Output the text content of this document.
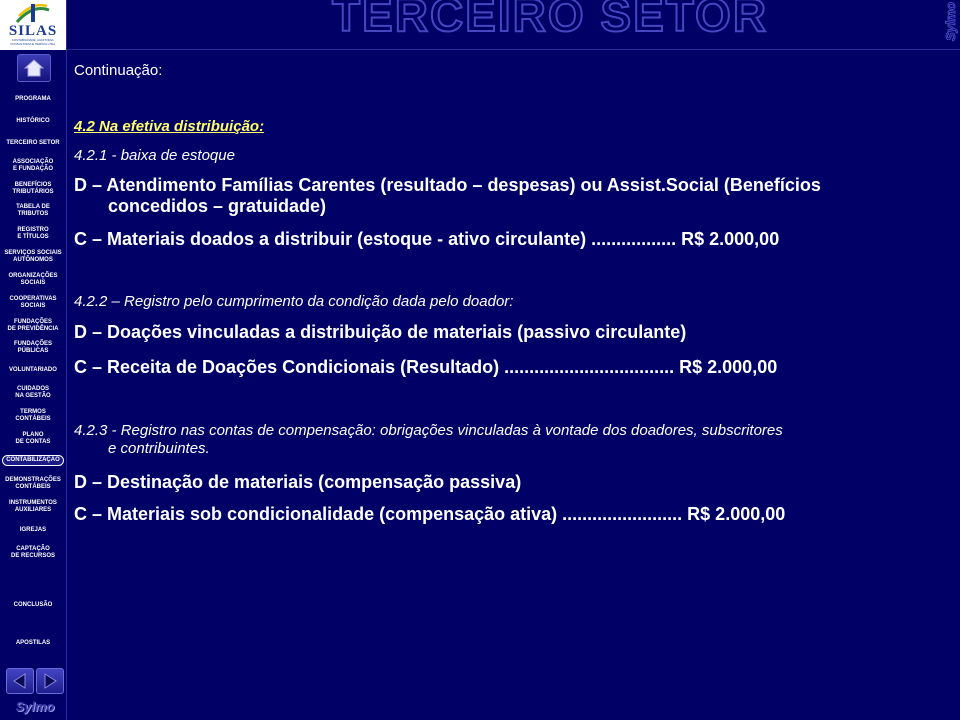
SILAS
CONTABILIDADE, AUDITORIA, CONSULTORIA E PERÍCIA LTDA.
PROGRAMA
HISTÓRICO
TERCEIRO SETOR
ASSOCIAÇÃO
E FUNDAÇÃO
BENEFÍCIOS
TRIBUTÁRIOS
TABELA DE
TRIBUTOS
REGISTRO
E TÍTULOS
SERVIÇOS SOCIAIS
AUTÔNOMOS
ORGANIZAÇÕES
SOCIAIS
COOPERATIVAS
SOCIAIS
FUNDAÇÕES
DE PREVIDÊNCIA
FUNDAÇÕES
PÚBLICAS
VOLUNTARIADO
CUIDADOS
NA GESTÃO
TERMOS
CONTÁBEIS
PLANO
DE CONTAS
CONTABILIZAÇÃO
DEMONSTRAÇÕES
CONTÁBEIS
INSTRUMENTOS
AUXILIARES
IGREJAS
CAPTAÇÃO
DE RECURSOS
CONCLUSÃO
APOSTILAS
Sylmo
TERCEIRO SETOR	Sylmo
Continuação:
4.2 Na efetiva distribuição:
4.2.1 - baixa de estoque
D – Atendimento Famílias Carentes (resultado – despesas) ou Assist.Social (Benefícios
concedidos – gratuidade)
C – Materiais doados a distribuir (estoque - ativo circulante) ................. R$ 2.000,00
4.2.2 – Registro pelo cumprimento da condição dada pelo doador:
D – Doações vinculadas a distribuição de materiais (passivo circulante)
C – Receita de Doações Condicionais (Resultado) .................................. R$ 2.000,00
4.2.3 - Registro nas contas de compensação: obrigações vinculadas à vontade dos doadores, subscritores
e contribuintes.
D – Destinação de materiais (compensação passiva)
C – Materiais sob condicionalidade (compensação ativa) ........................ R$ 2.000,00
